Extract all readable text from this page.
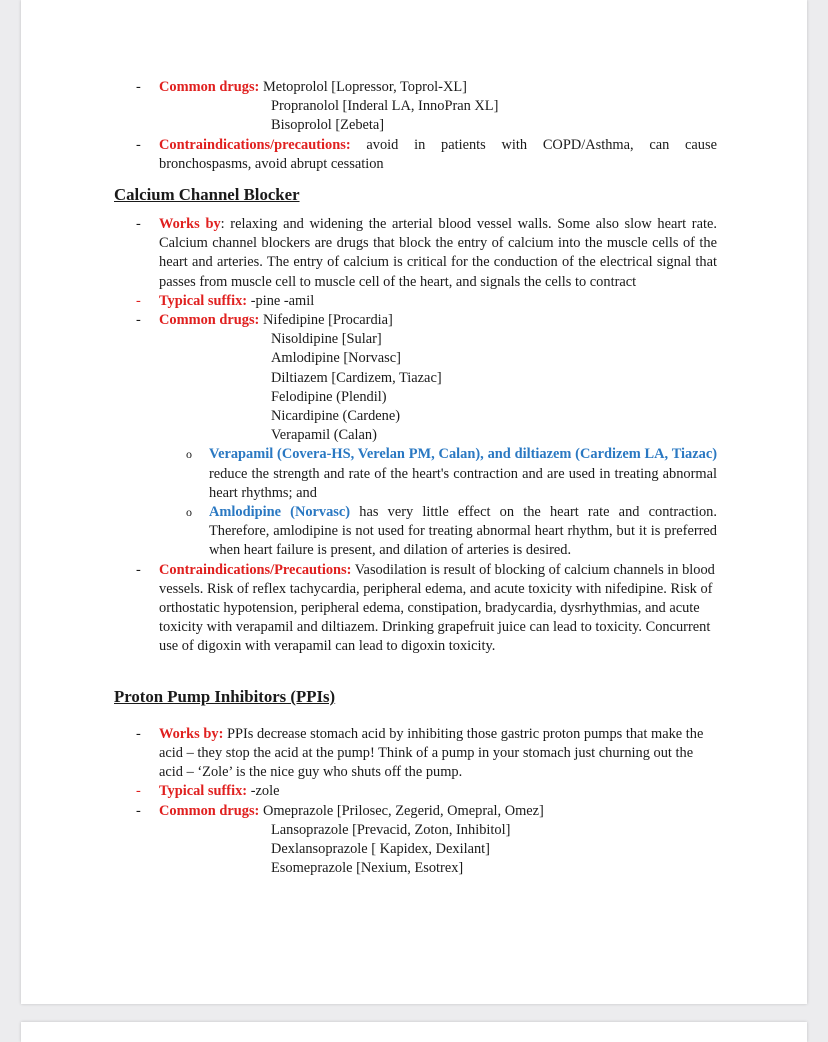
- Common drugs: Metoprolol [Lopressor, Toprol-XL]
Propranolol [Inderal LA, InnoPran XL]
Bisoprolol [Zebeta]
- Contraindications/precautions: avoid in patients with COPD/Asthma, can cause bronchospasms, avoid abrupt cessation
Calcium Channel Blocker
- Works by: relaxing and widening the arterial blood vessel walls. Some also slow heart rate. Calcium channel blockers are drugs that block the entry of calcium into the muscle cells of the heart and arteries. The entry of calcium is critical for the conduction of the electrical signal that passes from muscle cell to muscle cell of the heart, and signals the cells to contract
- Typical suffix: -pine -amil
- Common drugs: Nifedipine [Procardia]
Nisoldipine [Sular]
Amlodipine [Norvasc]
Diltiazem [Cardizem, Tiazac]
Felodipine (Plendil)
Nicardipine (Cardene)
Verapamil (Calan)
o Verapamil (Covera-HS, Verelan PM, Calan), and diltiazem (Cardizem LA, Tiazac) reduce the strength and rate of the heart's contraction and are used in treating abnormal heart rhythms; and
o Amlodipine (Norvasc) has very little effect on the heart rate and contraction. Therefore, amlodipine is not used for treating abnormal heart rhythm, but it is preferred when heart failure is present, and dilation of arteries is desired.
- Contraindications/Precautions: Vasodilation is result of blocking of calcium channels in blood vessels. Risk of reflex tachycardia, peripheral edema, and acute toxicity with nifedipine. Risk of orthostatic hypotension, peripheral edema, constipation, bradycardia, dysrhythmias, and acute toxicity with verapamil and diltiazem. Drinking grapefruit juice can lead to toxicity. Concurrent use of digoxin with verapamil can lead to digoxin toxicity.
Proton Pump Inhibitors (PPIs)
- Works by: PPIs decrease stomach acid by inhibiting those gastric proton pumps that make the acid – they stop the acid at the pump! Think of a pump in your stomach just churning out the acid – ‘Zole’ is the nice guy who shuts off the pump.
- Typical suffix: -zole
- Common drugs: Omeprazole [Prilosec, Zegerid, Omepral, Omez]
Lansoprazole [Prevacid, Zoton, Inhibitol]
Dexlansoprazole [ Kapidex, Dexilant]
Esomeprazole [Nexium, Esotrex]
